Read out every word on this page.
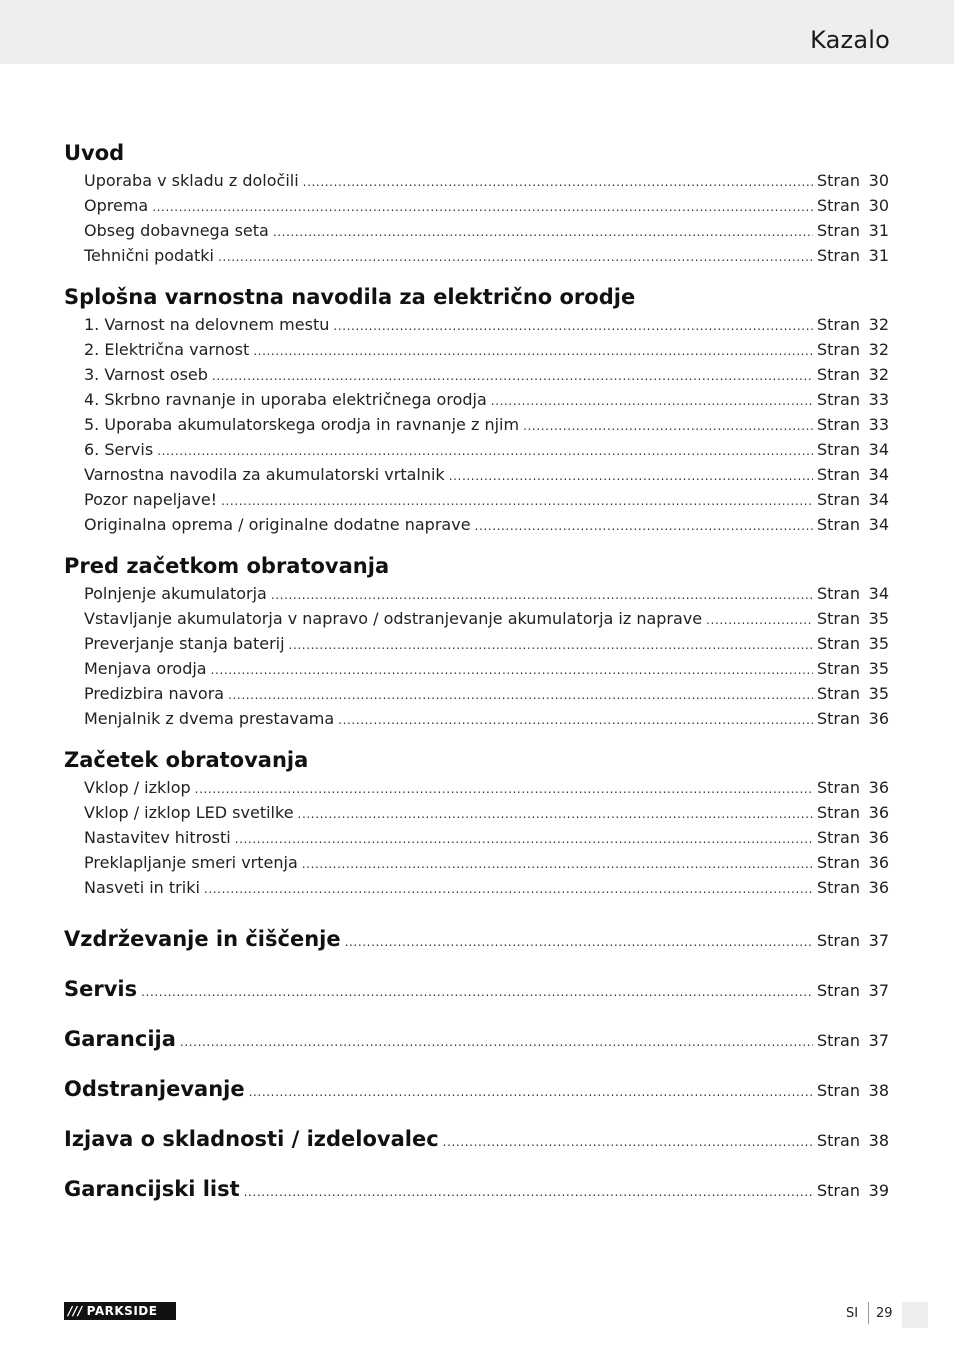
Kazalo
Uvod
Uporaba v skladu z določili .....	Stran 30
Oprema .....	Stran 30
Obseg dobavnega seta .....	Stran 31
Tehnični podatki .....	Stran 31
Splošna varnostna navodila za električno orodje
1. Varnost na delovnem mestu .....	Stran 32
2. Električna varnost .....	Stran 32
3. Varnost oseb .....	Stran 32
4. Skrbno ravnanje in uporaba električnega orodja .....	Stran 33
5. Uporaba akumulatorskega orodja in ravnanje z njim .....	Stran 33
6. Servis .....	Stran 34
Varnostna navodila za akumulatorski vrtalnik .....	Stran 34
Pozor napeljave! .....	Stran 34
Originalna oprema / originalne dodatne naprave .....	Stran 34
Pred začetkom obratovanja
Polnjenje akumulatorja .....	Stran 34
Vstavljanje akumulatorja v napravo / odstranjevanje akumulatorja iz naprave .....	Stran 35
Preverjanje stanja baterij .....	Stran 35
Menjava orodja .....	Stran 35
Predizbira navora .....	Stran 35
Menjalnik z dvema prestavama .....	Stran 36
Začetek obratovanja
Vklop / izklop .....	Stran 36
Vklop / izklop LED svetilke .....	Stran 36
Nastavitev hitrosti .....	Stran 36
Preklapljanje smeri vrtenja .....	Stran 36
Nasveti in triki .....	Stran 36
Vzdrževanje in čiščenje .....	Stran 37
Servis .....	Stran 37
Garancija .....	Stran 37
Odstranjevanje .....	Stran 38
Izjava o skladnosti / izdelovalec .....	Stran 38
Garancijski list .....	Stran 39
/// PARKSIDE	SI 29
